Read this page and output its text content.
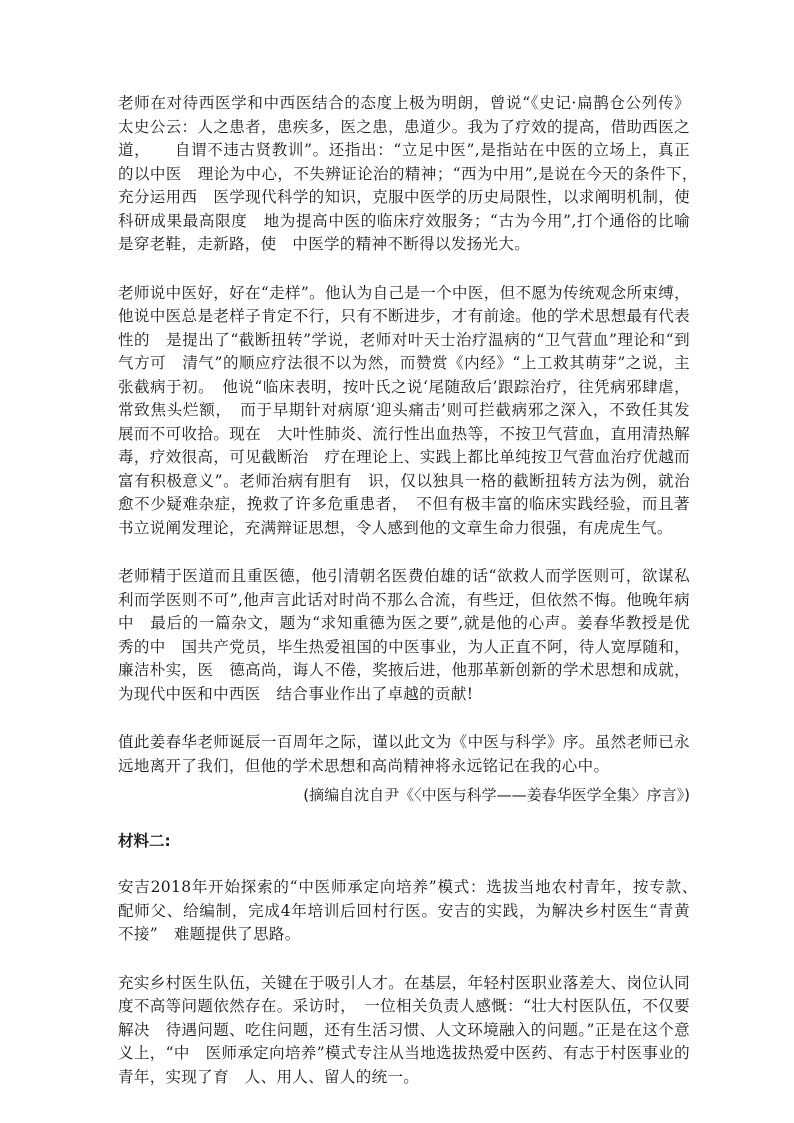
老师在对待西医学和中西医结合的态度上极为明朗，曾说“《史记·扁鹊仓公列传》太史公云：人之患者，患疾多，医之患，患道少。我为了疗效的提高，借助西医之道，　　自谓不违古贤教训”。还指出：“立足中医”,是指站在中医的立场上，真正的以中医　理论为中心，不失辨证论治的精神；“西为中用”,是说在今天的条件下，　充分运用西　医学现代科学的知识，克服中医学的历史局限性，以求阐明机制，使科研成果最高限度　地为提高中医的临床疗效服务；“古为今用”,打个通俗的比喻是穿老鞋，走新路，使　中医学的精神不断得以发扬光大。

老师说中医好，好在“走样”。他认为自己是一个中医，但不愿为传统观念所束缚，他说中医总是老样子肯定不行，只有不断进步，才有前途。他的学术思想最有代表性的　是提出了“截断扭转”学说，老师对叶天士治疗温病的“卫气营血”理论和“到气方可　清气”的顺应疗法很不以为然，而赞赏《内经》“上工救其萌芽”之说，主张截病于初。　他说“临床表明，按叶氏之说‘尾随敌后’跟踪治疗，往凭病邪肆虐，常致焦头烂额，　而于早期针对病原‘迎头痛击’则可拦截病邪之深入，不致任其发展而不可收拾。现在　大叶性肺炎、流行性出血热等，不按卫气营血，直用清热解毒，疗效很高，可见截断治　疗在理论上、实践上都比单纯按卫气营血治疗优越而富有积极意义”。老师治病有胆有　识，仅以独具一格的截断扭转方法为例，就治愈不少疑难杂症，挽救了许多危重患者，　不但有极丰富的临床实践经验，而且著书立说阐发理论，充满辩证思想，令人感到他的文章生命力很强，有虎虎生气。

老师精于医道而且重医德，他引清朝名医费伯雄的话“欲救人而学医则可，欲谋私　利而学医则不可”,他声言此话对时尚不那么合流，有些迂，但依然不悔。他晚年病中　最后的一篇杂文，题为“求知重德为医之要”,就是他的心声。姜春华教授是优秀的中　国共产党员，毕生热爱祖国的中医事业，为人正直不阿，待人宽厚随和，廉洁朴实，医　德高尚，诲人不倦，奖掖后进，他那革新创新的学术思想和成就，为现代中医和中西医　结合事业作出了卓越的贡献!

值此姜春华老师诞辰一百周年之际，谨以此文为《中医与科学》序。虽然老师已永　远地离开了我们，但他的学术思想和高尚精神将永远铭记在我的心中。

(摘编自沈自尹《〈中医与科学——姜春华医学全集〉序言》)

材料二:

安吉2018年开始探索的“中医师承定向培养”模式：选拔当地农村青年，按专款、　配师父、给编制，完成4年培训后回村行医。安吉的实践，为解决乡村医生“青黄不接”　难题提供了思路。

充实乡村医生队伍，关键在于吸引人才。在基层，年轻村医职业落差大、岗位认同　度不高等问题依然存在。采访时，　一位相关负责人感慨：“壮大村医队伍，不仅要解决　待遇问题、吃住问题，还有生活习惯、人文环境融入的问题。”正是在这个意义上，“中　医师承定向培养”模式专注从当地选拔热爱中医药、有志于村医事业的青年，实现了育　人、用人、留人的统一。
